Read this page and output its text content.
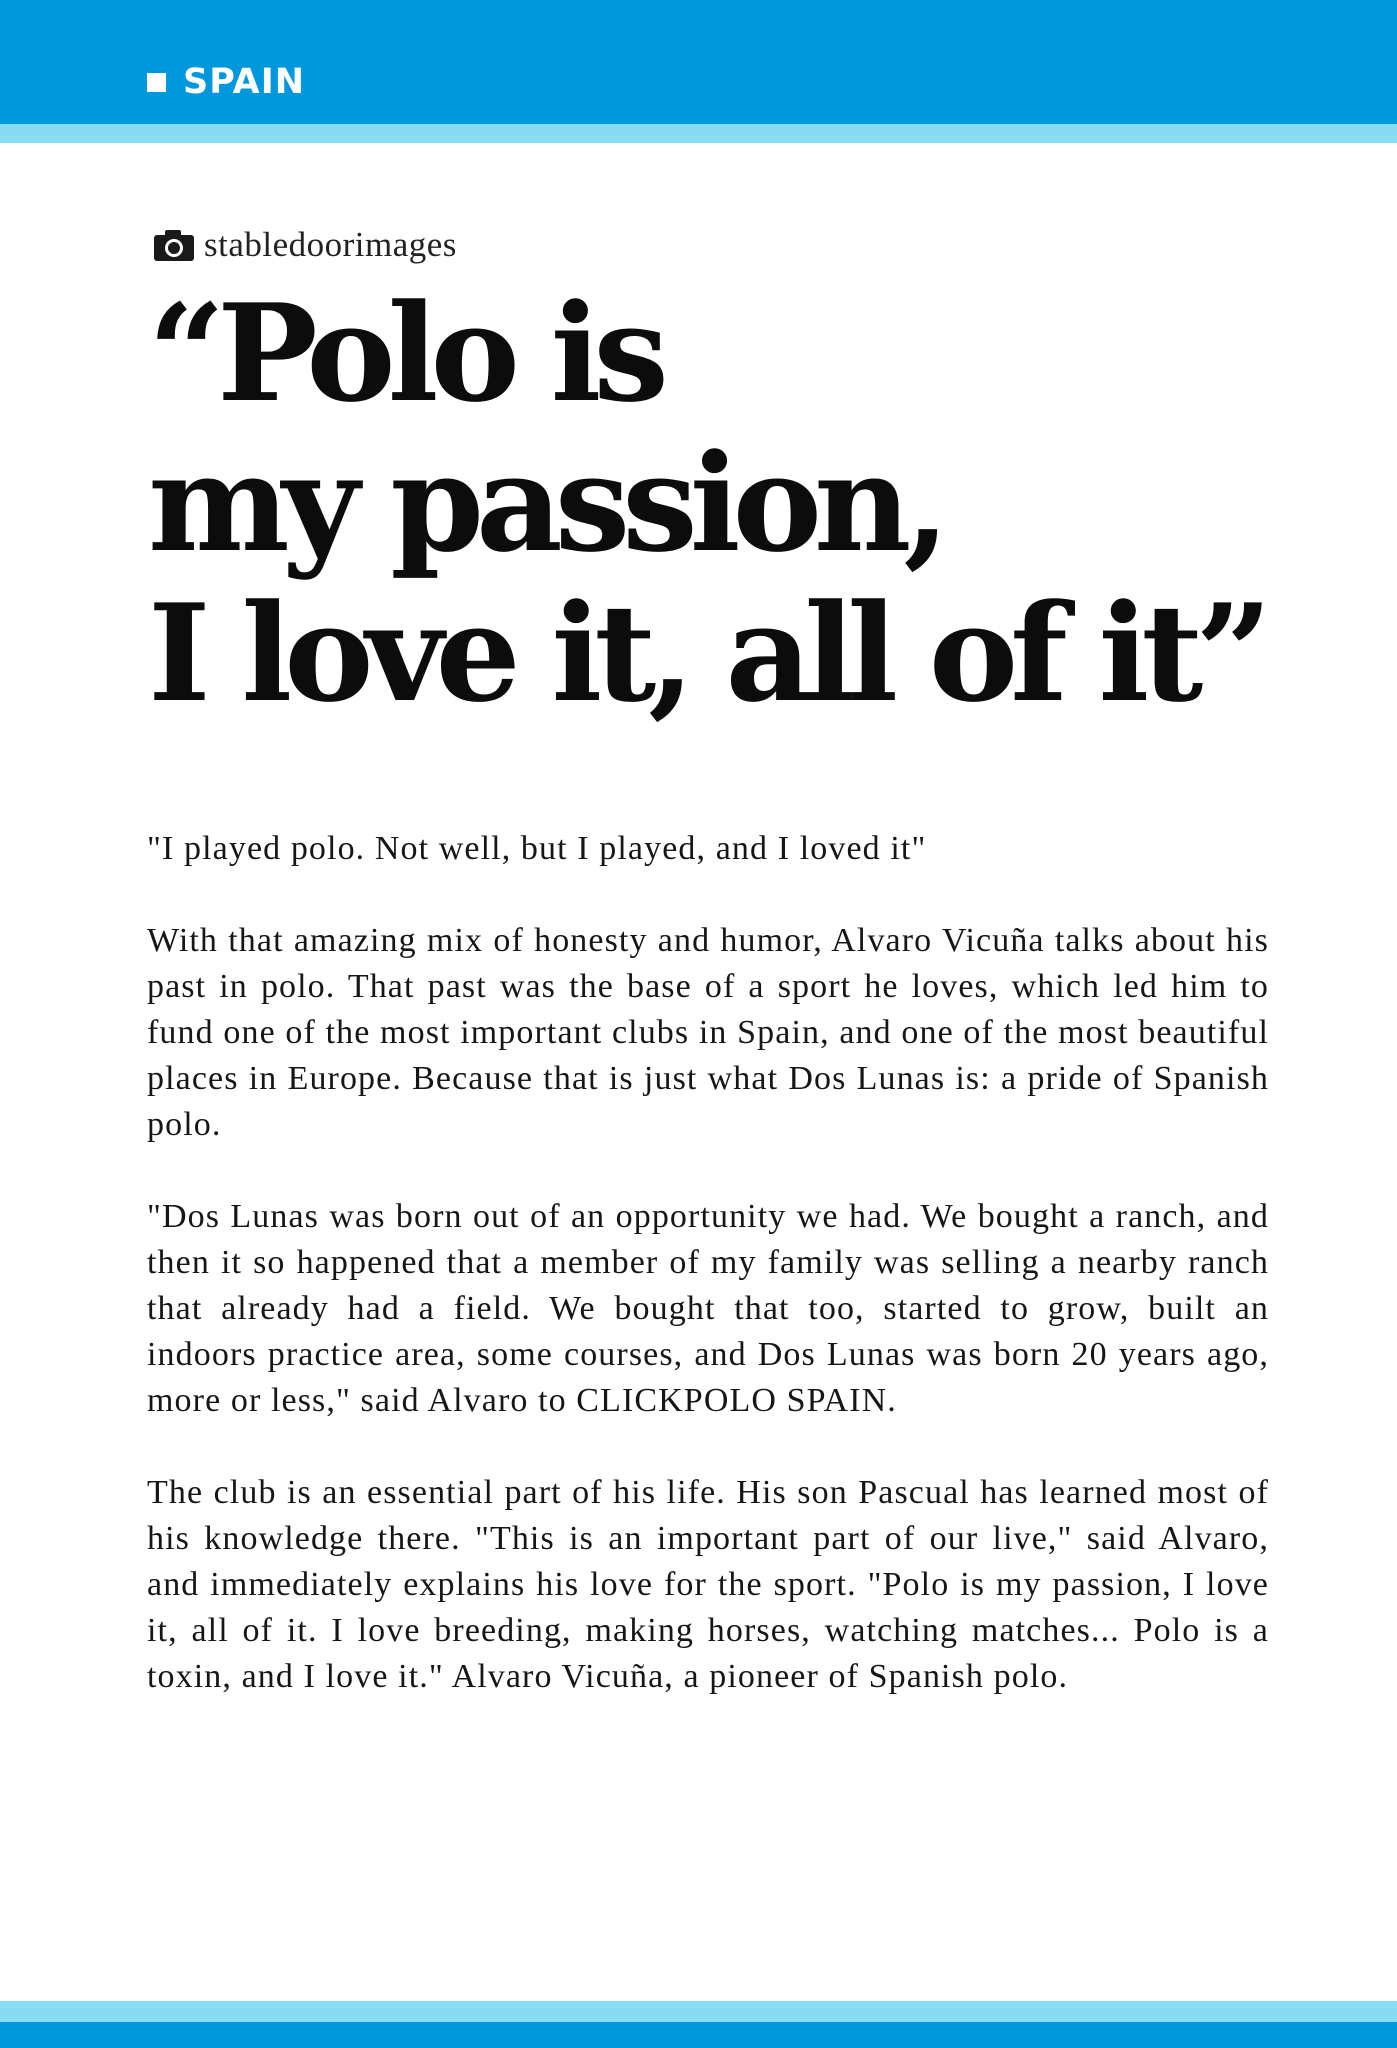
SPAIN
stabledoorimages
“Polo is
my passion,
I love it, all of it”

"I played polo. Not well, but I played, and I loved it"

With that amazing mix of honesty and humor, Alvaro Vicuña talks about his past in polo. That past was the base of a sport he loves, which led him to fund one of the most important clubs in Spain, and one of the most beautiful places in Europe. Because that is just what Dos Lunas is: a pride of Spanish polo.

"Dos Lunas was born out of an opportunity we had. We bought a ranch, and then it so happened that a member of my family was selling a nearby ranch that already had a field. We bought that too, started to grow, built an indoors practice area, some courses, and Dos Lunas was born 20 years ago, more or less," said Alvaro to CLICKPOLO SPAIN.

The club is an essential part of his life. His son Pascual has learned most of his knowledge there. "This is an important part of our live," said Alvaro, and immediately explains his love for the sport. "Polo is my passion, I love it, all of it. I love breeding, making horses, watching matches... Polo is a toxin, and I love it." Alvaro Vicuña, a pioneer of Spanish polo.
